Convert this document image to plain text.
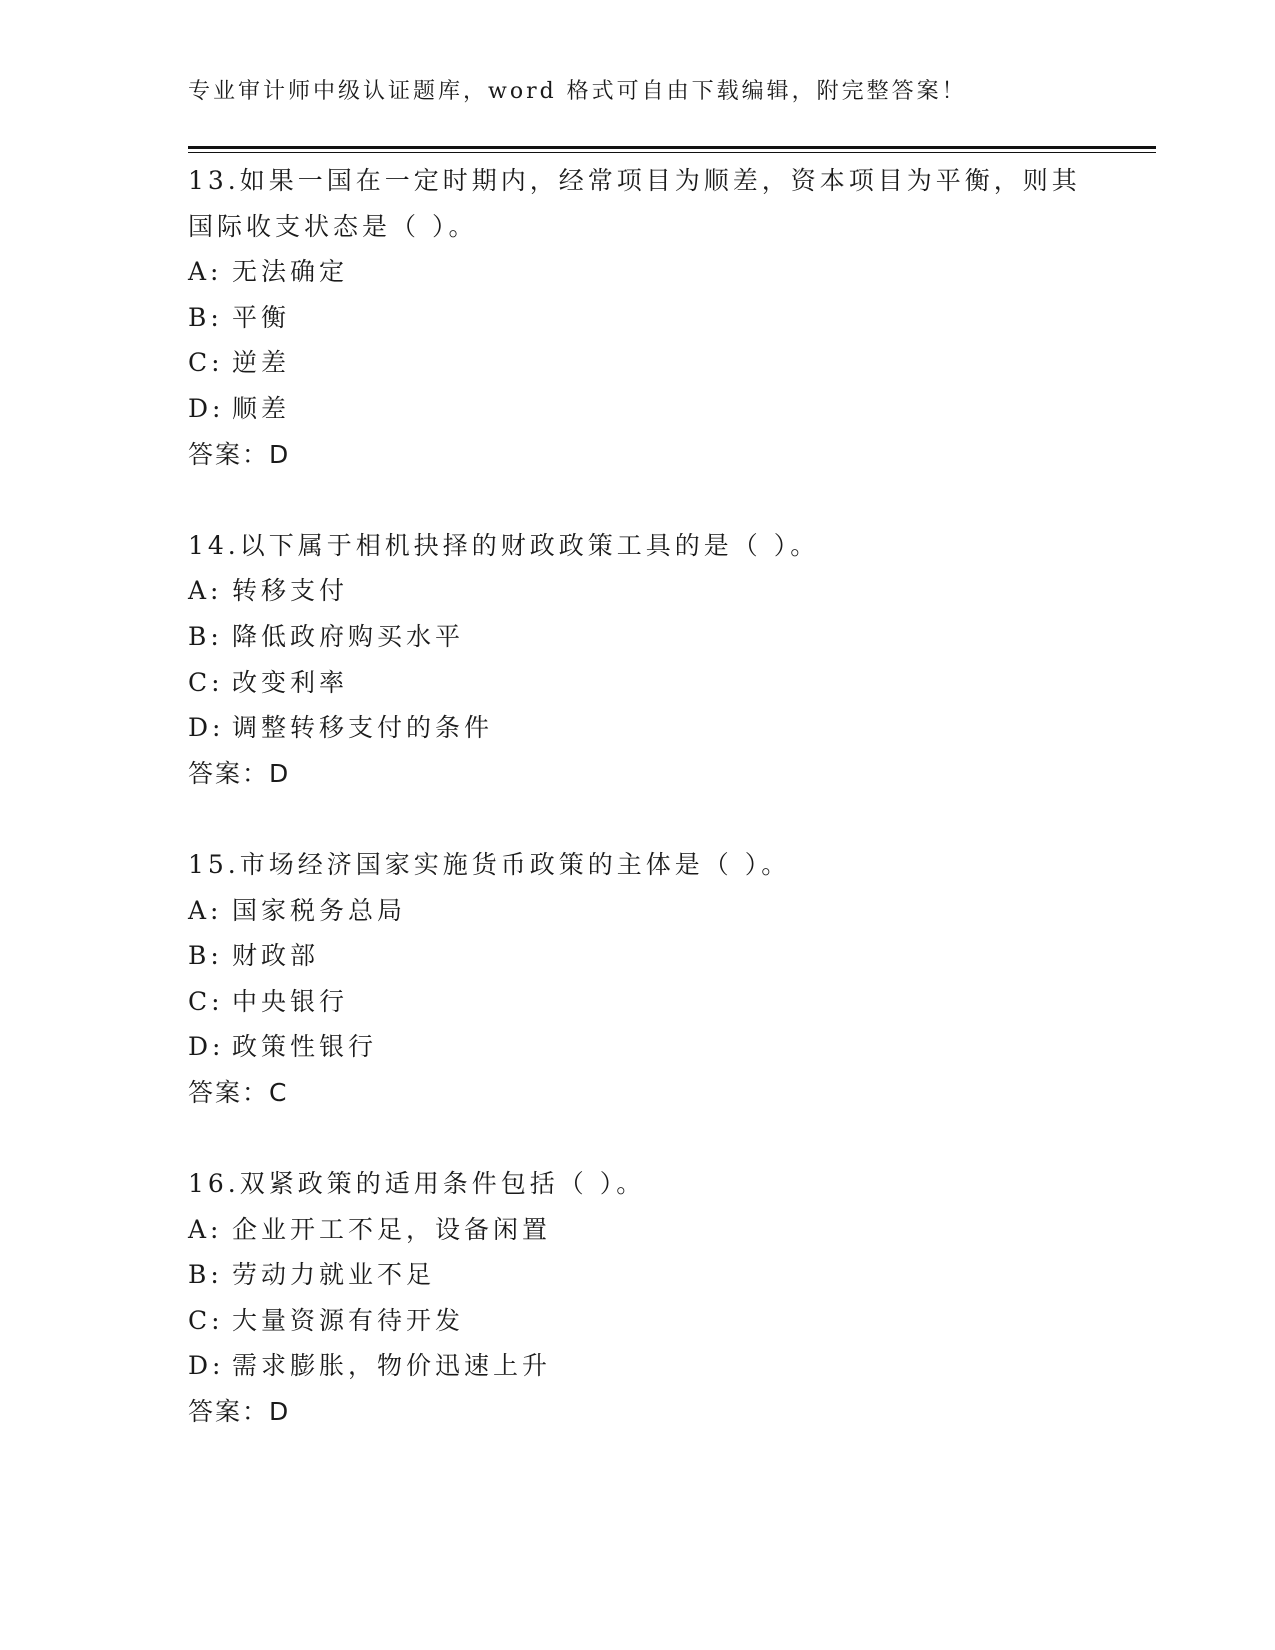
专业审计师中级认证题库，word 格式可自由下载编辑，附完整答案！
13.如果一国在一定时期内，经常项目为顺差，资本项目为平衡，则其
国际收支状态是（ ）。
A: 无法确定
B: 平衡
C: 逆差
D: 顺差
答案：D
14.以下属于相机抉择的财政政策工具的是（ ）。
A: 转移支付
B: 降低政府购买水平
C: 改变利率
D: 调整转移支付的条件
答案：D
15.市场经济国家实施货币政策的主体是（ ）。
A: 国家税务总局
B: 财政部
C: 中央银行
D: 政策性银行
答案：C
16.双紧政策的适用条件包括（ ）。
A: 企业开工不足，设备闲置
B: 劳动力就业不足
C: 大量资源有待开发
D: 需求膨胀，物价迅速上升
答案：D
